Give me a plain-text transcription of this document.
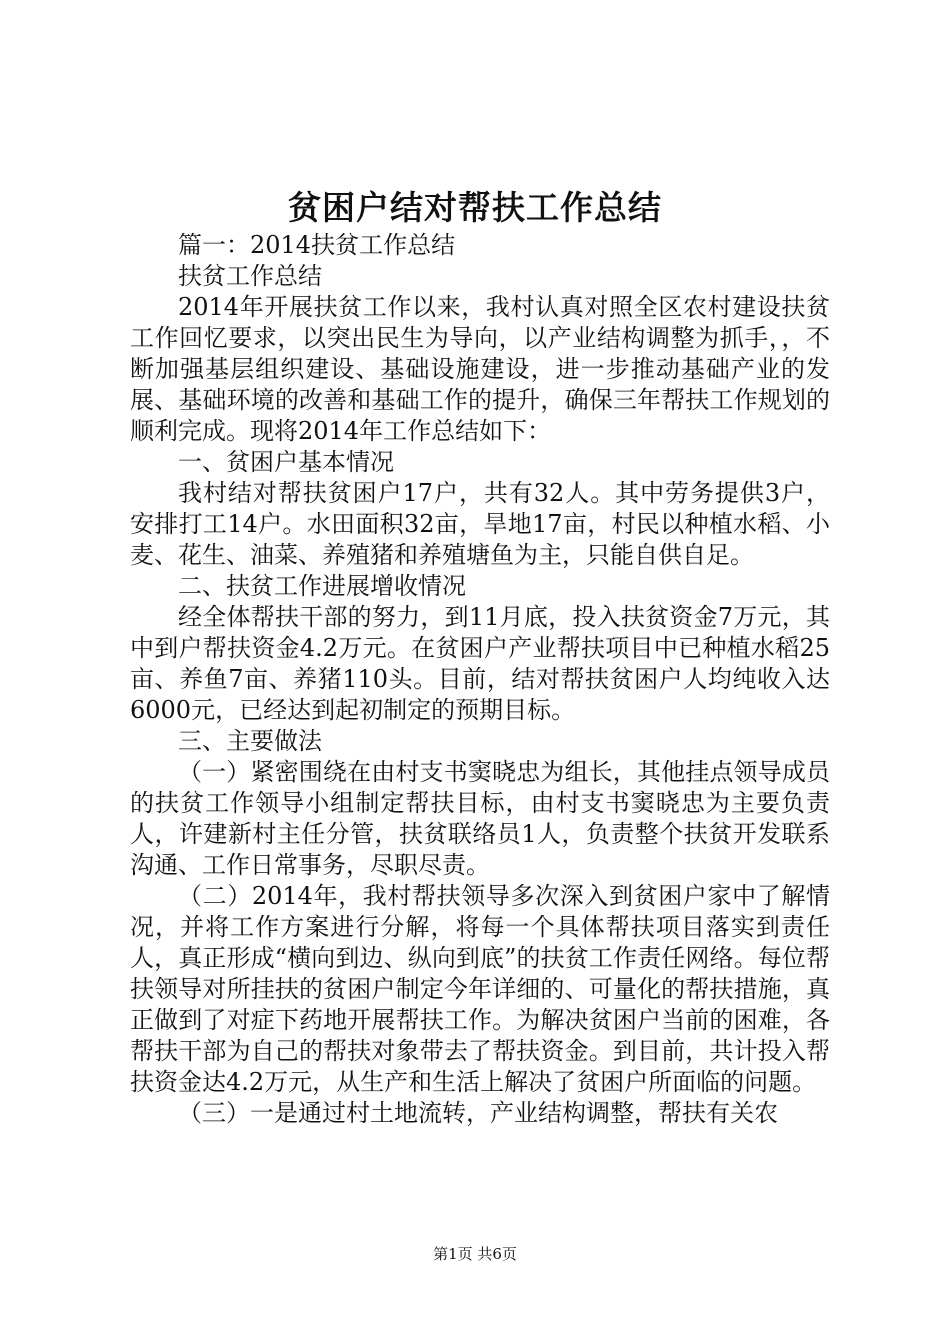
贫困户结对帮扶工作总结

篇一：2014扶贫工作总结

扶贫工作总结

2014年开展扶贫工作以来，我村认真对照全区农村建设扶贫工作回忆要求，以突出民生为导向，以产业结构调整为抓手，，不断加强基层组织建设、基础设施建设，进一步推动基础产业的发展、基础环境的改善和基础工作的提升，确保三年帮扶工作规划的顺利完成。现将2014年工作总结如下：

一、贫困户基本情况

我村结对帮扶贫困户17户，共有32人。其中劳务提供3户，安排打工14户。水田面积32亩，旱地17亩，村民以种植水稻、小麦、花生、油菜、养殖猪和养殖塘鱼为主，只能自供自足。

二、扶贫工作进展增收情况

经全体帮扶干部的努力，到11月底，投入扶贫资金7万元，其中到户帮扶资金4.2万元。在贫困户产业帮扶项目中已种植水稻25亩、养鱼7亩、养猪110头。目前，结对帮扶贫困户人均纯收入达6000元，已经达到起初制定的预期目标。

三、主要做法

（一）紧密围绕在由村支书窦晓忠为组长，其他挂点领导成员的扶贫工作领导小组制定帮扶目标，由村支书窦晓忠为主要负责人，许建新村主任分管，扶贫联络员1人，负责整个扶贫开发联系沟通、工作日常事务，尽职尽责。

（二）2014年，我村帮扶领导多次深入到贫困户家中了解情况，并将工作方案进行分解，将每一个具体帮扶项目落实到责任人，真正形成“横向到边、纵向到底”的扶贫工作责任网络。每位帮扶领导对所挂扶的贫困户制定今年详细的、可量化的帮扶措施，真正做到了对症下药地开展帮扶工作。为解决贫困户当前的困难，各帮扶干部为自己的帮扶对象带去了帮扶资金。到目前，共计投入帮扶资金达4.2万元，从生产和生活上解决了贫困户所面临的问题。

（三）一是通过村土地流转，产业结构调整，帮扶有关农

第1页 共6页
